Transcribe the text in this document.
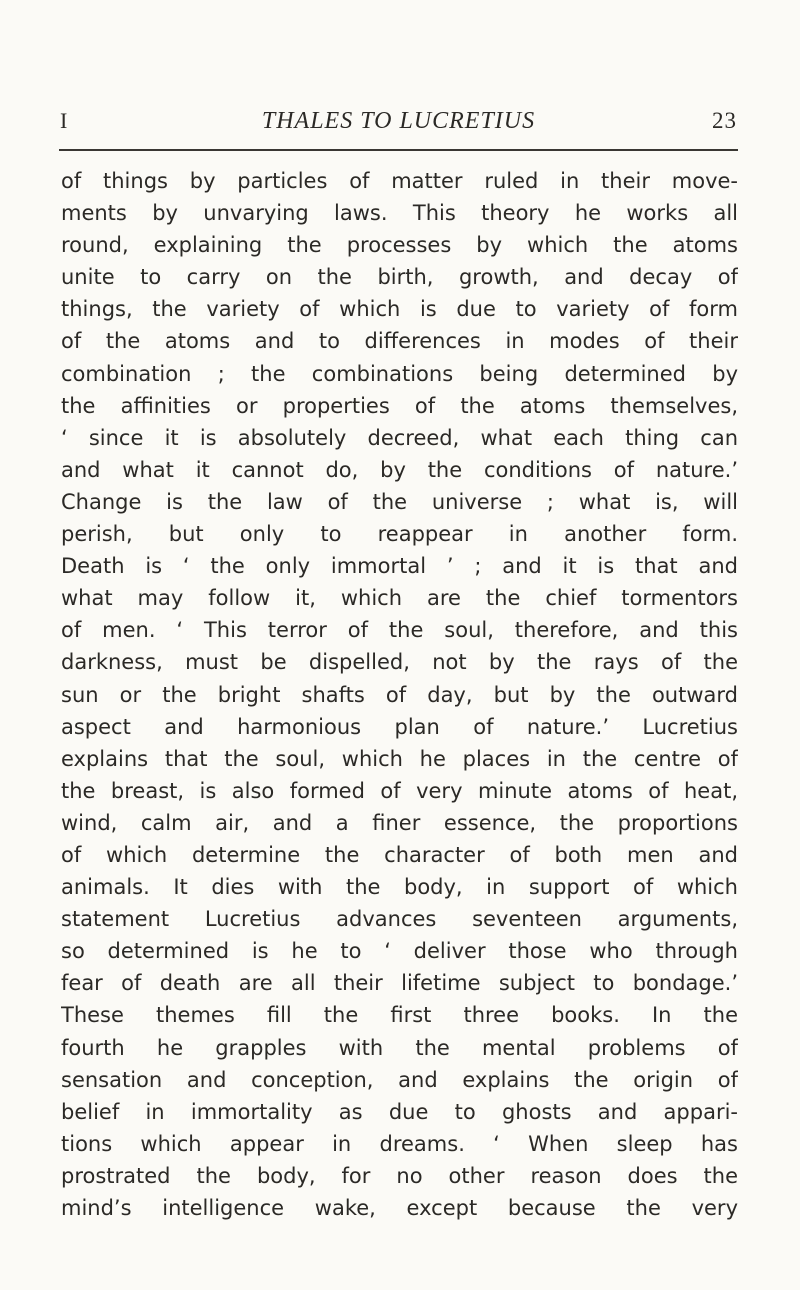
I	THALES TO LUCRETIUS	23
of things by particles of matter ruled in their move-
ments by unvarying laws. This theory he works all
round, explaining the processes by which the atoms
unite to carry on the birth, growth, and decay of
things, the variety of which is due to variety of form
of the atoms and to differences in modes of their
combination ; the combinations being determined by
the affinities or properties of the atoms themselves,
‘ since it is absolutely decreed, what each thing can
and what it cannot do, by the conditions of nature.’
Change is the law of the universe ; what is, will
perish, but only to reappear in another form.
Death is ‘ the only immortal ’ ; and it is that and
what may follow it, which are the chief tormentors
of men. ‘ This terror of the soul, therefore, and this
darkness, must be dispelled, not by the rays of the
sun or the bright shafts of day, but by the outward
aspect and harmonious plan of nature.’ Lucretius
explains that the soul, which he places in the centre of
the breast, is also formed of very minute atoms of heat,
wind, calm air, and a finer essence, the proportions
of which determine the character of both men and
animals. It dies with the body, in support of which
statement Lucretius advances seventeen arguments,
so determined is he to ‘ deliver those who through
fear of death are all their lifetime subject to bondage.’
These themes fill the first three books. In the
fourth he grapples with the mental problems of
sensation and conception, and explains the origin of
belief in immortality as due to ghosts and appari-
tions which appear in dreams. ‘ When sleep has
prostrated the body, for no other reason does the
mind’s intelligence wake, except because the very
